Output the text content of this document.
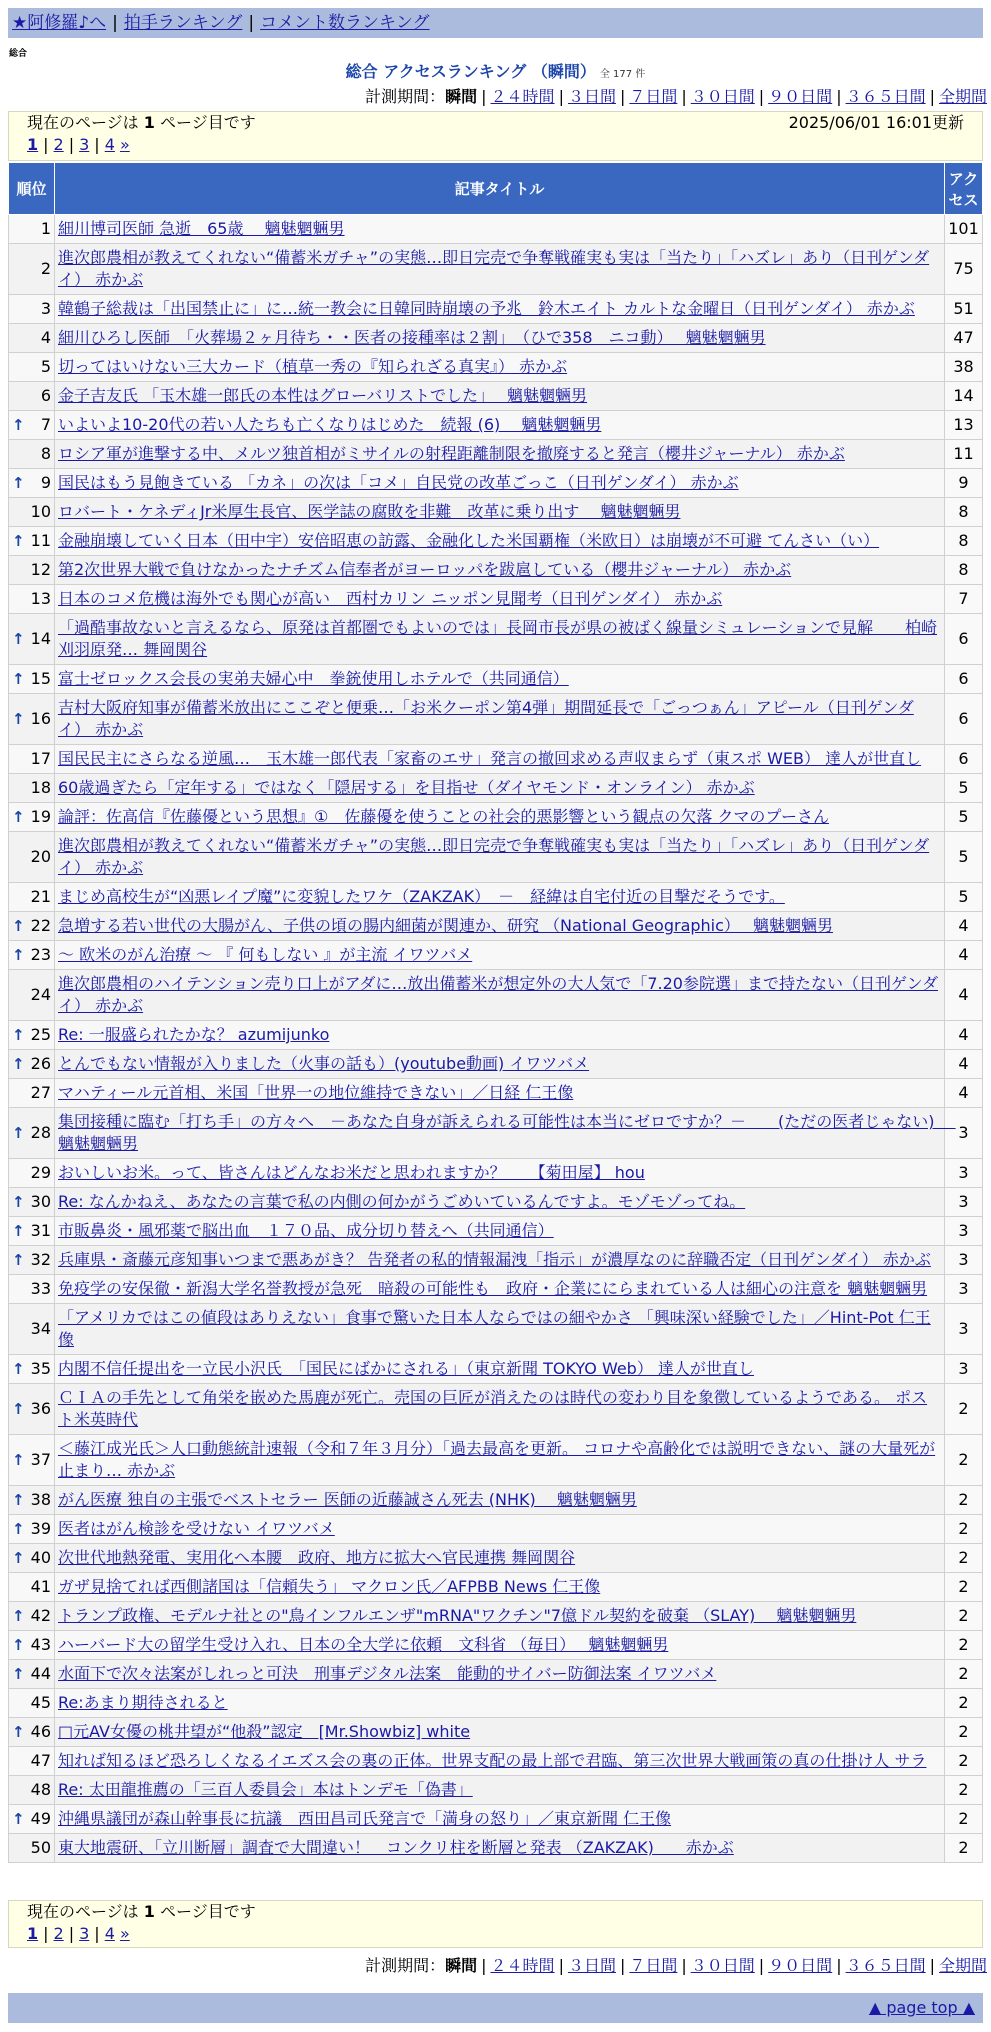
★阿修羅♪へ | 拍手ランキング | コメント数ランキング
総合
総合 アクセスランキング （瞬間） 全 177 件
計測期間：瞬間 | ２４時間 | ３日間 | ７日間 | ３０日間 | ９０日間 | ３６５日間 | 全期間
現在のページは 1 ページ目です	2025/06/01 16:01更新
1 | 2 | 3 | 4 »
順位	記事タイトル	アクセス
1	細川博司医師 急逝　65歳　 魑魅魍魎男	101
2	進次郎農相が教えてくれない“備蓄米ガチャ”の実態…即日完売で争奪戦確実も実は「当たり」「ハズレ」あり（日刊ゲンダイ） 赤かぶ	75
3	韓鶴子総裁は「出国禁止に」に…統一教会に日韓同時崩壊の予兆　鈴木エイト カルトな金曜日（日刊ゲンダイ） 赤かぶ	51
4	細川ひろし医師　「火葬場２ヶ月待ち・・医者の接種率は２割」　（ひで358　ニコ動）　 魑魅魍魎男	47
5	切ってはいけない三大カード（植草一秀の『知られざる真実』） 赤かぶ	38
6	金子吉友氏 「玉木雄一郎氏の本性はグローバリストでした」　 魑魅魍魎男	14

↑ 7	いよいよ10-20代の若い人たちも亡くなりはじめた　続報 (6)　 魑魅魍魎男	13
8	ロシア軍が進撃する中、メルツ独首相がミサイルの射程距離制限を撤廃すると発言（櫻井ジャーナル） 赤かぶ	11

↑ 9	国民はもう見飽きている 「カネ」の次は「コメ」自民党の改革ごっこ（日刊ゲンダイ） 赤かぶ	9
10	ロバート・ケネディJr米厚生長官、医学誌の腐敗を非難　改革に乗り出す　 魑魅魍魎男	8

↑ 11	金融崩壊していく日本（田中宇）安倍昭恵の訪露、金融化した米国覇権（米欧日）は崩壊が不可避 てんさい（い）	8
12	第2次世界大戦で負けなかったナチズム信奉者がヨーロッパを跋扈している（櫻井ジャーナル） 赤かぶ	8
13	日本のコメ危機は海外でも関心が高い　西村カリン ニッポン見聞考（日刊ゲンダイ） 赤かぶ	7

↑ 14	「過酷事故ないと言えるなら、原発は首都圏でもよいのでは」長岡市長が県の被ばく線量シミュレーションで見解　　柏崎刈羽原発… 舞岡関谷	6

↑ 15	富士ゼロックス会長の実弟夫婦心中　拳銃使用しホテルで（共同通信）	6

↑ 16	吉村大阪府知事が備蓄米放出にここぞと便乗…「お米クーポン第4弾」期間延長で「ごっつぁん」アピール（日刊ゲンダイ） 赤かぶ	6
17	国民民主にさらなる逆風…　玉木雄一郎代表「家畜のエサ」発言の撤回求める声収まらず（東スポ WEB） 達人が世直し	6
18	60歳過ぎたら「定年する」ではなく「隠居する」を目指せ（ダイヤモンド・オンライン） 赤かぶ	5

↑ 19	論評：佐高信『佐藤優という思想』①　佐藤優を使うことの社会的悪影響という観点の欠落 クマのプーさん	5
20	進次郎農相が教えてくれない“備蓄米ガチャ”の実態…即日完売で争奪戦確実も実は「当たり」「ハズレ」あり（日刊ゲンダイ） 赤かぶ	5
21	まじめ高校生が“凶悪レイプ魔”に変貌したワケ（ZAKZAK）　－　経緯は自宅付近の目撃だそうです。	5

↑ 22	急増する若い世代の大腸がん、子供の頃の腸内細菌が関連か、研究 （National Geographic）　 魑魅魍魎男	4

↑ 23	～ 欧米のがん治療 ～ 『 何もしない 』が主流 イワツバメ	4
24	進次郎農相のハイテンション売り口上がアダに…放出備蓄米が想定外の大人気で「7.20参院選」まで持たない（日刊ゲンダイ） 赤かぶ	4

↑ 25	Re: 一服盛られたかな？ azumijunko	4

↑ 26	とんでもない情報が入りました（火事の話も）(youtube動画) イワツバメ	4
27	マハティール元首相、米国「世界一の地位維持できない」／日経 仁王像	4

↑ 28	集団接種に臨む「打ち手」の方々へ　－あなた自身が訴えられる可能性は本当にゼロですか？－　　(ただの医者じゃない)　 魑魅魍魎男	3
29	おいしいお米。って、皆さんはどんなお米だと思われますか？　　【菊田屋】 hou	3

↑ 30	Re: なんかねえ、あなたの言葉で私の内側の何かがうごめいているんですよ。モゾモゾってね。	3

↑ 31	市販鼻炎・風邪薬で脳出血　１７０品、成分切り替えへ（共同通信）	3

↑ 32	兵庫県・斎藤元彦知事いつまで悪あがき？ 告発者の私的情報漏洩「指示」が濃厚なのに辞職否定（日刊ゲンダイ） 赤かぶ	3
33	免疫学の安保徹・新潟大学名誉教授が急死　暗殺の可能性も　政府・企業ににらまれている人は細心の注意を 魑魅魍魎男	3
34	「アメリカではこの値段はありえない」食事で驚いた日本人ならではの細やかさ 「興味深い経験でした」／Hint-Pot 仁王像	3

↑ 35	内閣不信任提出を一立民小沢氏　「国民にばかにされる」（東京新聞 TOKYO Web） 達人が世直し	3

↑ 36	ＣＩＡの手先として角栄を嵌めた馬鹿が死亡。売国の巨匠が消えたのは時代の変わり目を象徴しているようである。 ポスト米英時代	2

↑ 37	＜藤江成光氏＞人口動態統計速報（令和７年３月分）「過去最高を更新。 コロナや高齢化では説明できない、謎の大量死が止まり… 赤かぶ	2

↑ 38	がん医療 独自の主張でベストセラー 医師の近藤誠さん死去 (NHK)　 魑魅魍魎男	2

↑ 39	医者はがん検診を受けない イワツバメ	2

↑ 40	次世代地熱発電、実用化へ本腰　政府、地方に拡大へ官民連携 舞岡関谷	2
41	ガザ見捨てれば西側諸国は「信頼失う」 マクロン氏／AFPBB News 仁王像	2

↑ 42	トランプ政権、モデルナ社との"鳥インフルエンザ"mRNA"ワクチン"7億ドル契約を破棄 （SLAY)　 魑魅魍魎男	2

↑ 43	ハーバード大の留学生受け入れ、日本の全大学に依頼　文科省 （毎日）　 魑魅魍魎男	2

↑ 44	水面下で次々法案がしれっと可決　刑事デジタル法案　能動的サイバー防御法案 イワツバメ	2
45	Re:あまり期待されると	2

↑ 46	□元AV女優の桃井望が“他殺”認定　[Mr.Showbiz] white	2
47	知れば知るほど恐ろしくなるイエズス会の裏の正体。世界支配の最上部で君臨、第三次世界大戦画策の真の仕掛け人 サラ	2
48	Re: 太田龍推薦の「三百人委員会」本はトンデモ「偽書」	2

↑ 49	沖縄県議団が森山幹事長に抗議　西田昌司氏発言で「満身の怒り」／東京新聞 仁王像	2
50	東大地震研、「立川断層」調査で大間違い！　コンクリ柱を断層と発表 （ZAKZAK)　　赤かぶ	2
現在のページは 1 ページ目です
1 | 2 | 3 | 4 »
計測期間：瞬間 | ２４時間 | ３日間 | ７日間 | ３０日間 | ９０日間 | ３６５日間 | 全期間
▲ page top ▲
